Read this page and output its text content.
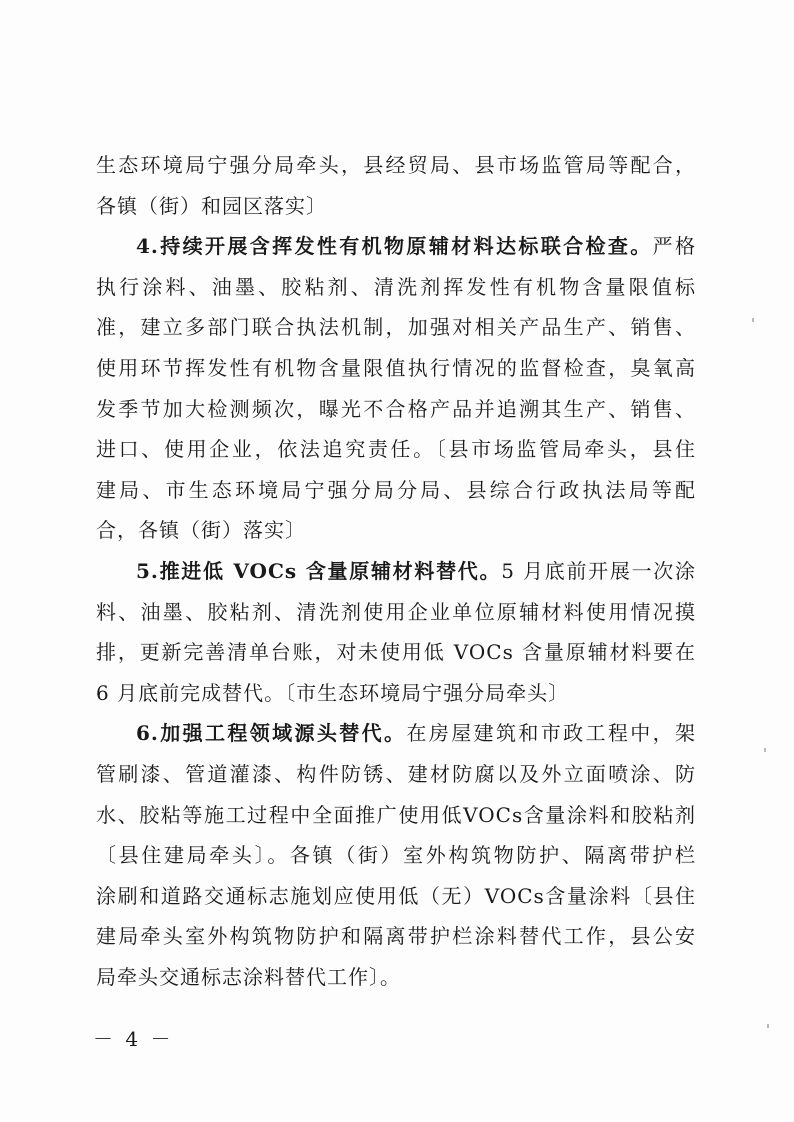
生态环境局宁强分局牵头，县经贸局、县市场监管局等配合，
各镇（街）和园区落实〕

4.持续开展含挥发性有机物原辅材料达标联合检查。严格
执行涂料、油墨、胶粘剂、清洗剂挥发性有机物含量限值标
准，建立多部门联合执法机制，加强对相关产品生产、销售、
使用环节挥发性有机物含量限值执行情况的监督检查，臭氧高
发季节加大检测频次，曝光不合格产品并追溯其生产、销售、
进口、使用企业，依法追究责任。〔县市场监管局牵头，县住
建局、市生态环境局宁强分局分局、县综合行政执法局等配
合，各镇（街）落实〕

5.推进低 VOCs 含量原辅材料替代。5 月底前开展一次涂
料、油墨、胶粘剂、清洗剂使用企业单位原辅材料使用情况摸
排，更新完善清单台账，对未使用低 VOCs 含量原辅材料要在
6 月底前完成替代。〔市生态环境局宁强分局牵头〕

6.加强工程领域源头替代。在房屋建筑和市政工程中，架
管刷漆、管道灌漆、构件防锈、建材防腐以及外立面喷涂、防
水、胶粘等施工过程中全面推广使用低VOCs含量涂料和胶粘剂
〔县住建局牵头〕。各镇（街）室外构筑物防护、隔离带护栏
涂刷和道路交通标志施划应使用低（无）VOCs含量涂料〔县住
建局牵头室外构筑物防护和隔离带护栏涂料替代工作，县公安
局牵头交通标志涂料替代工作〕。

－ 4 －
